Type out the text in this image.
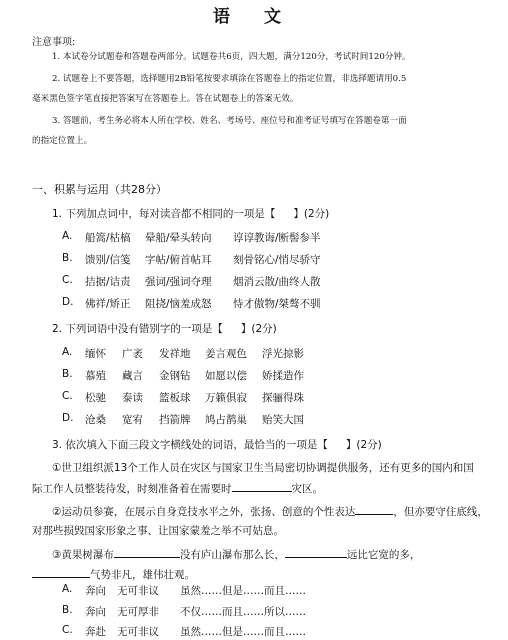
语 文
注意事项:
1. 本试卷分试题卷和答题卷两部分。试题卷共6页，四大题，满分120分，考试时间120分钟。
2. 试题卷上不要答题，选择题用2B铅笔按要求填涂在答题卷上的指定位置，非选择题请用0.5
毫米黑色签字笔直接把答案写在答题卷上。答在试题卷上的答案无效。
3. 答题前，考生务必将本人所在学校、姓名、考场号、座位号和准考证号填写在答题卷第一面
的指定位置上。
一、积累与运用（共28分）
1. 下列加点词中，每对读音都不相同的一项是【 】(2分)
A. 船篙/枯槁 晕船/晕头转向 谆谆教诲/断髻参半
B. 馈别/信笺 字帖/俯首帖耳 刻骨铭心/悄尽骄守
C. 拮据/诘责 强词/强词夺理 烟消云散/曲终人散
D. 佛祥/矫正 阻挠/恼羞成怒 恃才傲物/桀骜不驯
2. 下列词语中没有错别字的一项是【 】(2分)
A. 缅怀 广袤 发祥地 姜言观色 浮光掠影
B. 慕殖 藏言 金钢钻 如愿以偿 娇揉造作
C. 松驰 泰读 篮板球 万籁俱寂 探骊得珠
D. 沧桑 宽宥 挡箭牌 鸠占鹊巢 贻笑大国
3. 依次填入下面三段文字横线处的词语，最恰当的一项是【 】(2分)
①世卫组织派13个工作人员在灾区与国家卫生当局密切协调提供服务，还有更多的国内和国
际工作人员整装待发，时刻准备着在需要时	灾区。
②运动员参赛，在展示自身竞技水平之外，张扬、创意的个性表达	，但亦要守住底线，
对那些损毁国家形象之事、让国家蒙羞之举不可姑息。
③黄果树瀑布	没有庐山瀑布那么长，	远比它宽的多，
气势非凡，雄伟壮观。
A. 奔向 无可非议 虽然……但是……而且……
B. 奔向 无可厚非 不仅……而且……所以……
C. 奔赴 无可非议 虽然……但是……而且……
